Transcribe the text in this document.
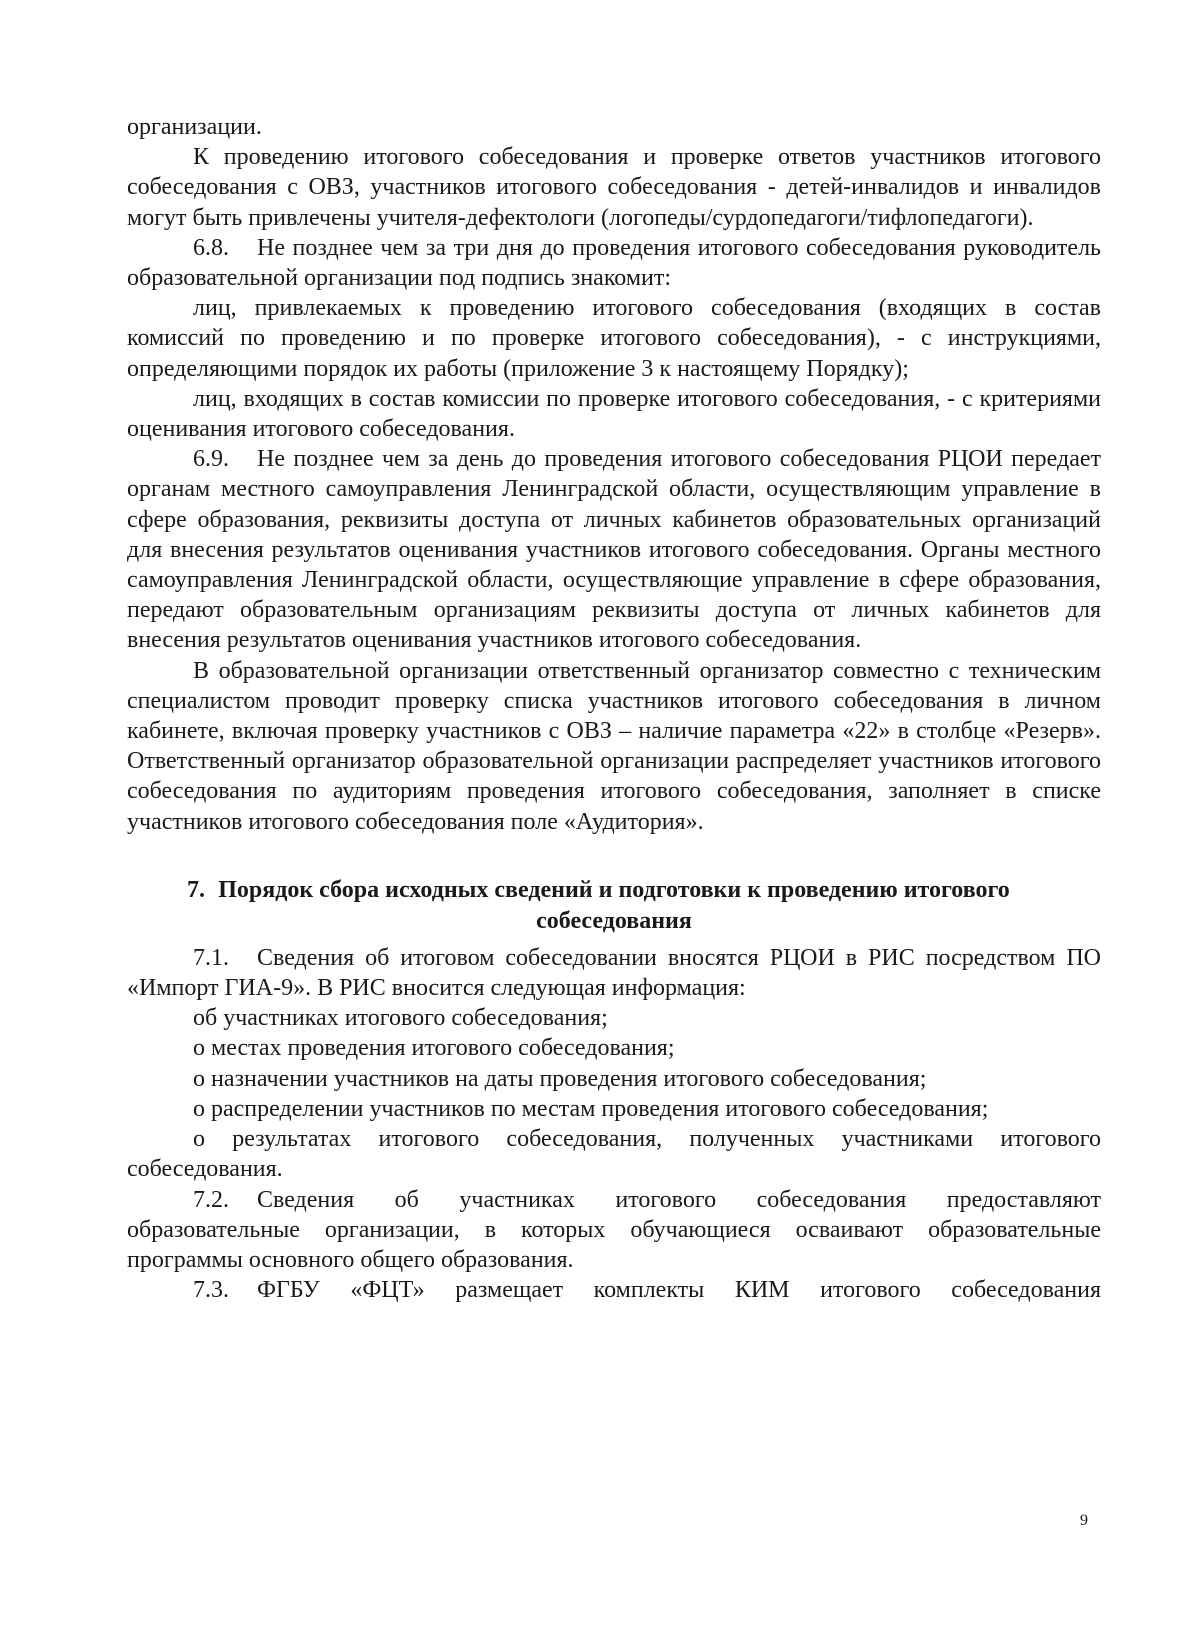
организации.

К проведению итогового собеседования и проверке ответов участников итогового собеседования с ОВЗ, участников итогового собеседования - детей-инвалидов и инвалидов могут быть привлечены учителя-дефектологи (логопеды/сурдопедагоги/тифлопедагоги).

6.8. Не позднее чем за три дня до проведения итогового собеседования руководитель образовательной организации под подпись знакомит:

лиц, привлекаемых к проведению итогового собеседования (входящих в состав комиссий по проведению и по проверке итогового собеседования), - с инструкциями, определяющими порядок их работы (приложение 3 к настоящему Порядку);

лиц, входящих в состав комиссии по проверке итогового собеседования, - с критериями оценивания итогового собеседования.

6.9. Не позднее чем за день до проведения итогового собеседования РЦОИ передает органам местного самоуправления Ленинградской области, осуществляющим управление в сфере образования, реквизиты доступа от личных кабинетов образовательных организаций для внесения результатов оценивания участников итогового собеседования. Органы местного самоуправления Ленинградской области, осуществляющие управление в сфере образования, передают образовательным организациям реквизиты доступа от личных кабинетов для внесения результатов оценивания участников итогового собеседования.

В образовательной организации ответственный организатор совместно с техническим специалистом проводит проверку списка участников итогового собеседования в личном кабинете, включая проверку участников с ОВЗ – наличие параметра «22» в столбце «Резерв». Ответственный организатор образовательной организации распределяет участников итогового собеседования по аудиториям проведения итогового собеседования, заполняет в списке участников итогового собеседования поле «Аудитория».

7. Порядок сбора исходных сведений и подготовки к проведению итогового собеседования

7.1. Сведения об итоговом собеседовании вносятся РЦОИ в РИС посредством ПО «Импорт ГИА-9». В РИС вносится следующая информация:

об участниках итогового собеседования;

о местах проведения итогового собеседования;

о назначении участников на даты проведения итогового собеседования;

о распределении участников по местам проведения итогового собеседования;

о результатах итогового собеседования, полученных участниками итогового собеседования.

7.2. Сведения об участниках итогового собеседования предоставляют образовательные организации, в которых обучающиеся осваивают образовательные программы основного общего образования.

7.3. ФГБУ «ФЦТ» размещает комплекты КИМ итогового собеседования

9
